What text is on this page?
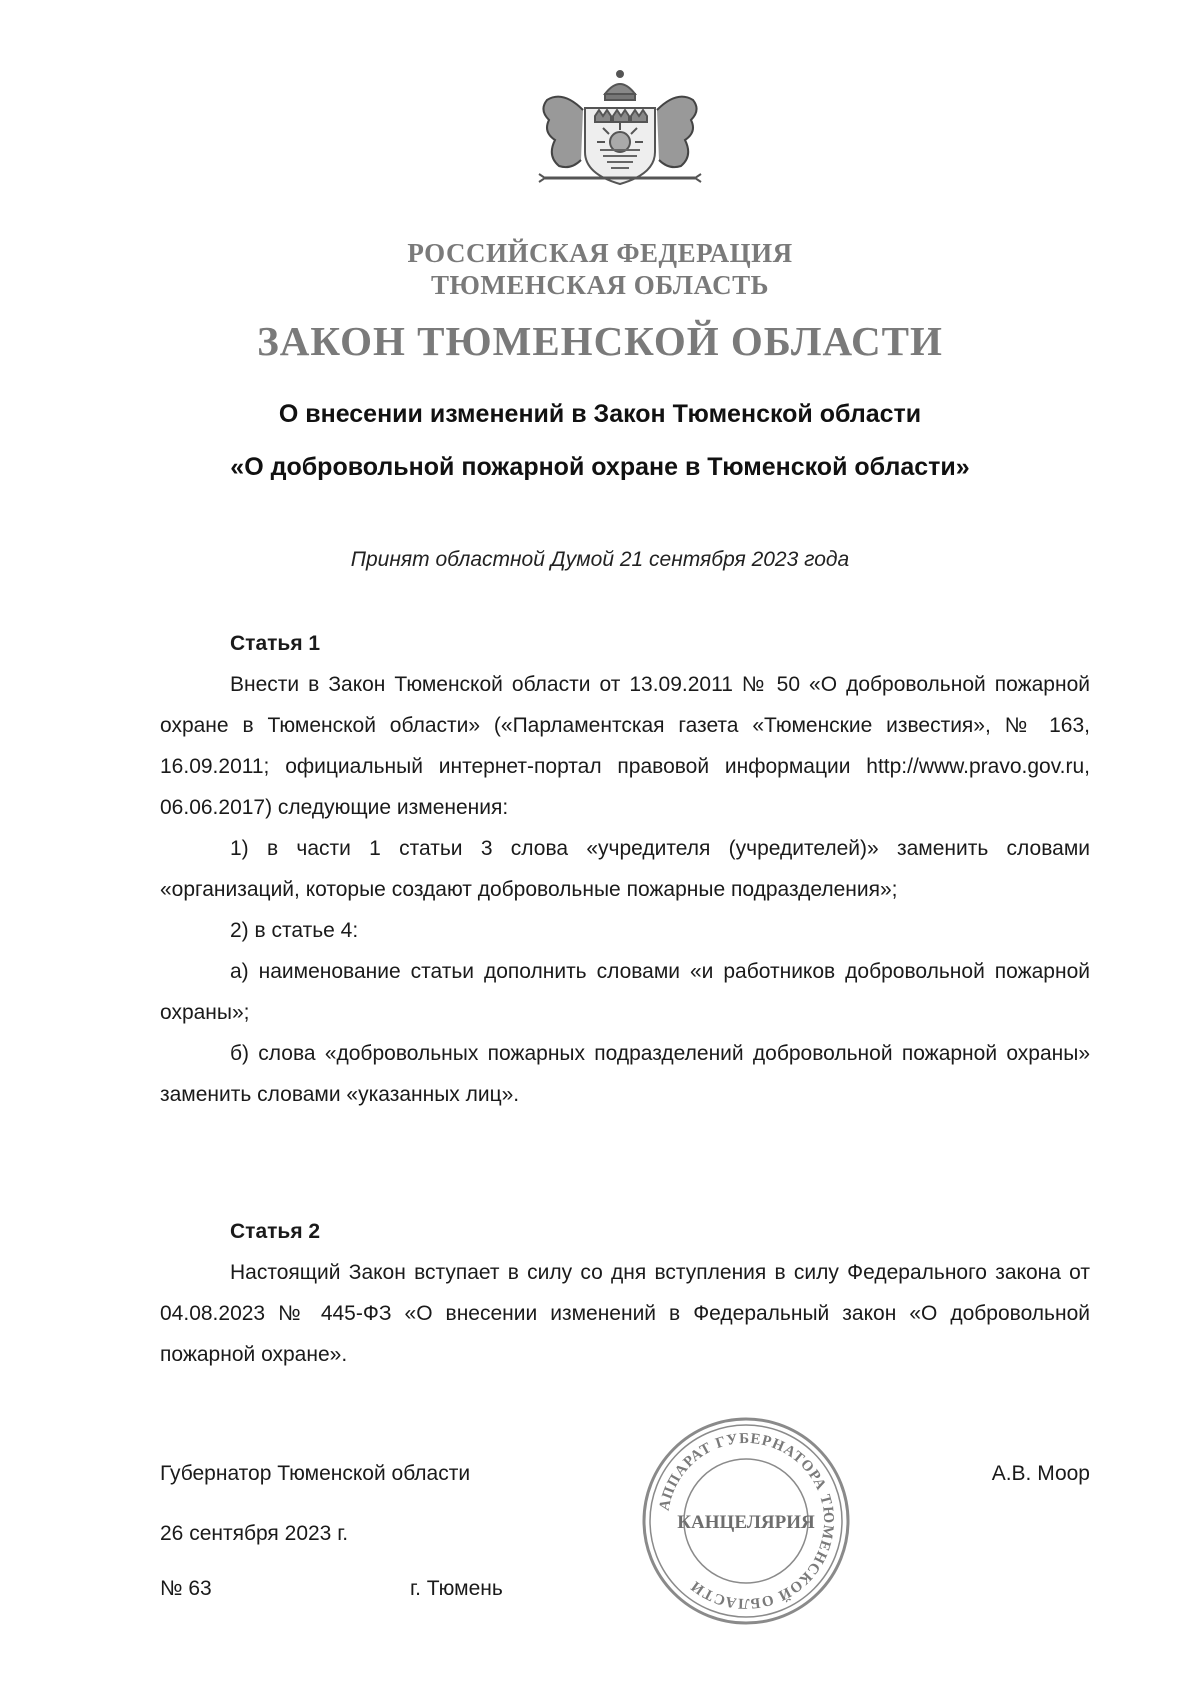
РОССИЙСКАЯ ФЕДЕРАЦИЯ
ТЮМЕНСКАЯ ОБЛАСТЬ
ЗАКОН ТЮМЕНСКОЙ ОБЛАСТИ
О внесении изменений в Закон Тюменской области
«О добровольной пожарной охране в Тюменской области»
Принят областной Думой 21 сентября 2023 года
Статья 1

Внести в Закон Тюменской области от 13.09.2011 № 50 «О добровольной пожарной охране в Тюменской области» («Парламентская газета «Тюменские известия», № 163, 16.09.2011; официальный интернет-портал правовой информации http://www.pravo.gov.ru, 06.06.2017) следующие изменения:

1) в части 1 статьи 3 слова «учредителя (учредителей)» заменить словами «организаций, которые создают добровольные пожарные подразделения»;

2) в статье 4:

а) наименование статьи дополнить словами «и работников добровольной пожарной охраны»;

б) слова «добровольных пожарных подразделений добровольной пожарной охраны» заменить словами «указанных лиц».

Статья 2

Настоящий Закон вступает в силу со дня вступления в силу Федерального закона от 04.08.2023 № 445-ФЗ «О внесении изменений в Федеральный закон «О добровольной пожарной охране».

Губернатор Тюменской области	А.В. Моор
26 сентября 2023 г.
№ 63	г. Тюмень
АППАРАТ ГУБЕРНАТОРА ТЮМЕНСКОЙ ОБЛАСТИ
КАНЦЕЛЯРИЯ
